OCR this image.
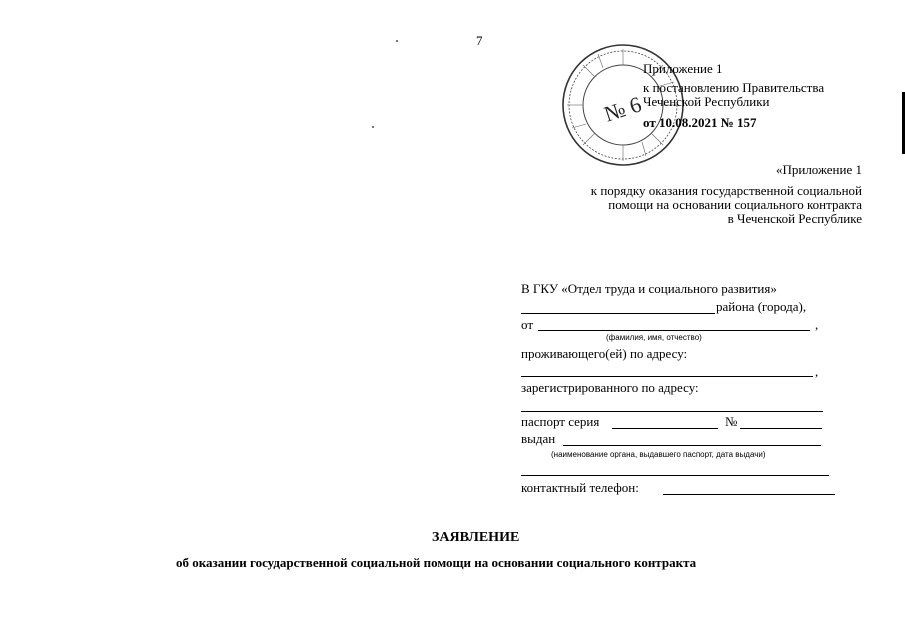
7
№ 6
Приложение 1
к постановлению Правительства
Чеченской Республики
от 10.08.2021 № 157
«Приложение 1
к порядку оказания государственной социальной
помощи на основании социального контракта
в Чеченской Республике
В ГКУ «Отдел труда и социального развития»
района (города),
от	,
(фамилия, имя, отчество)
проживающего(ей) по адресу:
,
зарегистрированного по адресу:
паспорт серия	№
выдан
(наименование органа, выдавшего паспорт, дата выдачи)
контактный телефон:
ЗАЯВЛЕНИЕ
об оказании государственной социальной помощи на основании социального контракта
